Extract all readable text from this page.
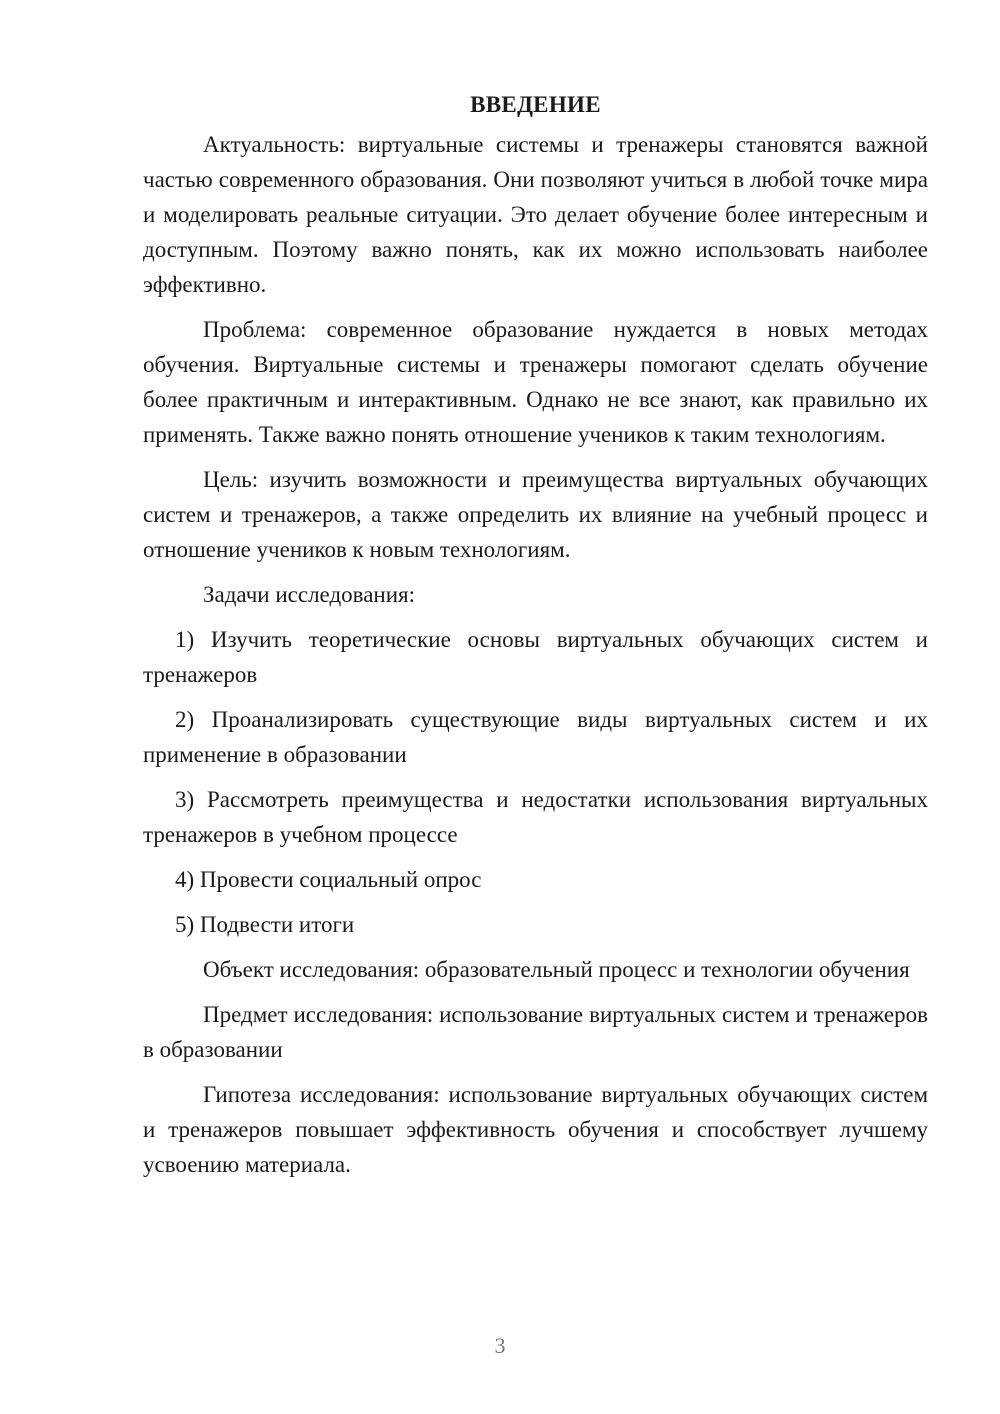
ВВЕДЕНИЕ

Актуальность: виртуальные системы и тренажеры становятся важной частью современного образования. Они позволяют учиться в любой точке мира и моделировать реальные ситуации. Это делает обучение более интересным и доступным. Поэтому важно понять, как их можно использовать наиболее эффективно.

Проблема: современное образование нуждается в новых методах обучения. Виртуальные системы и тренажеры помогают сделать обучение более практичным и интерактивным. Однако не все знают, как правильно их применять. Также важно понять отношение учеников к таким технологиям.

Цель: изучить возможности и преимущества виртуальных обучающих систем и тренажеров, а также определить их влияние на учебный процесс и отношение учеников к новым технологиям.

Задачи исследования:

1) Изучить теоретические основы виртуальных обучающих систем и тренажеров

2) Проанализировать существующие виды виртуальных систем и их применение в образовании

3) Рассмотреть преимущества и недостатки использования виртуальных тренажеров в учебном процессе

4) Провести социальный опрос

5) Подвести итоги

Объект исследования: образовательный процесс и технологии обучения

Предмет исследования: использование виртуальных систем и тренажеров в образовании

Гипотеза исследования: использование виртуальных обучающих систем и тренажеров повышает эффективность обучения и способствует лучшему усвоению материала.

3
